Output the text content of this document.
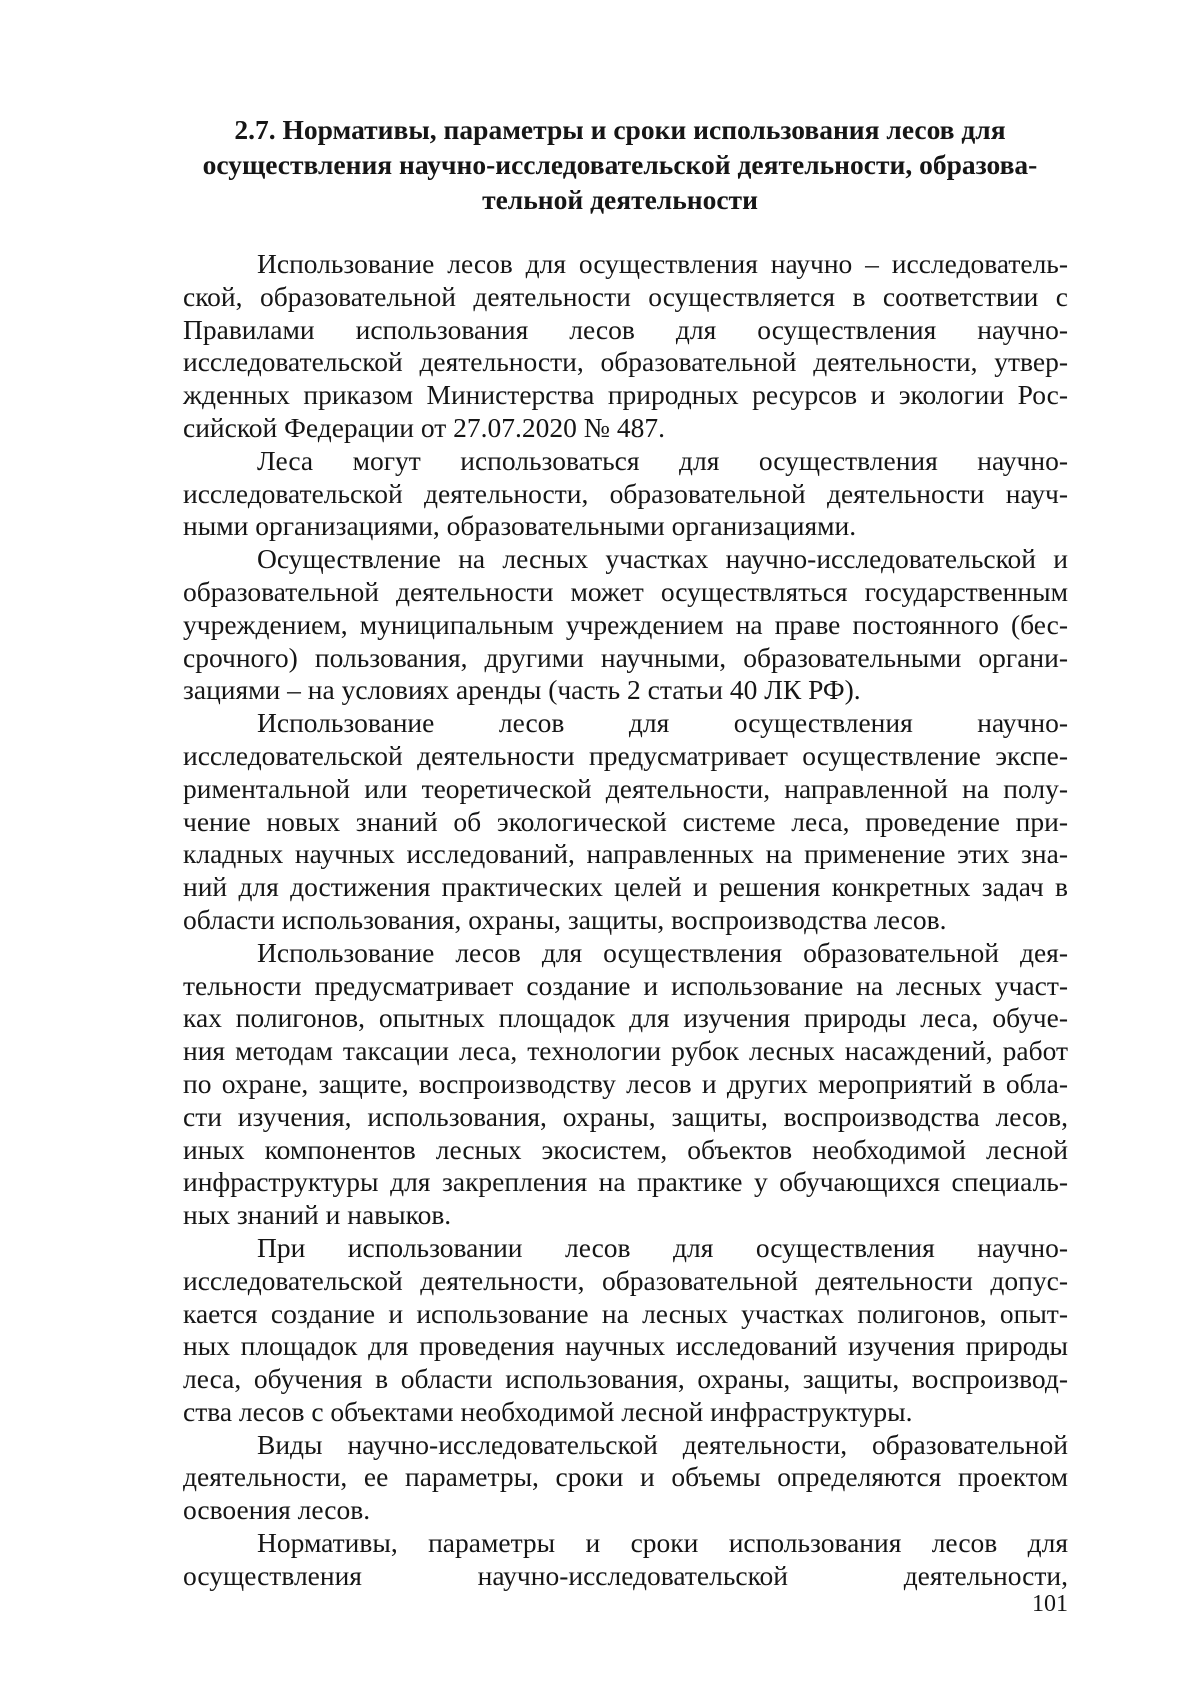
2.7. Нормативы, параметры и сроки использования лесов для
осуществления научно-исследовательской деятельности, образова-
тельной деятельности
Использование лесов для осуществления научно – исследователь-
ской, образовательной деятельности осуществляется в соответствии с
Правилами использования лесов для осуществления научно-
исследовательской деятельности, образовательной деятельности, утвер-
жденных приказом Министерства природных ресурсов и экологии Рос-
сийской Федерации от 27.07.2020 № 487.
Леса могут использоваться для осуществления научно-
исследовательской деятельности, образовательной деятельности науч-
ными организациями, образовательными организациями.
Осуществление на лесных участках научно-исследовательской и
образовательной деятельности может осуществляться государственным
учреждением, муниципальным учреждением на праве постоянного (бес-
срочного) пользования, другими научными, образовательными органи-
зациями – на условиях аренды (часть 2 статьи 40 ЛК РФ).
Использование лесов для осуществления научно-
исследовательской деятельности предусматривает осуществление экспе-
риментальной или теоретической деятельности, направленной на полу-
чение новых знаний об экологической системе леса, проведение при-
кладных научных исследований, направленных на применение этих зна-
ний для достижения практических целей и решения конкретных задач в
области использования, охраны, защиты, воспроизводства лесов.
Использование лесов для осуществления образовательной дея-
тельности предусматривает создание и использование на лесных участ-
ках полигонов, опытных площадок для изучения природы леса, обуче-
ния методам таксации леса, технологии рубок лесных насаждений, работ
по охране, защите, воспроизводству лесов и других мероприятий в обла-
сти изучения, использования, охраны, защиты, воспроизводства лесов,
иных компонентов лесных экосистем, объектов необходимой лесной
инфраструктуры для закрепления на практике у обучающихся специаль-
ных знаний и навыков.
При использовании лесов для осуществления научно-
исследовательской деятельности, образовательной деятельности допус-
кается создание и использование на лесных участках полигонов, опыт-
ных площадок для проведения научных исследований изучения природы
леса, обучения в области использования, охраны, защиты, воспроизвод-
ства лесов с объектами необходимой лесной инфраструктуры.
Виды научно-исследовательской деятельности, образовательной
деятельности, ее параметры, сроки и объемы определяются проектом
освоения лесов.
Нормативы, параметры и сроки использования лесов для
осуществления научно-исследовательской деятельности,
101
